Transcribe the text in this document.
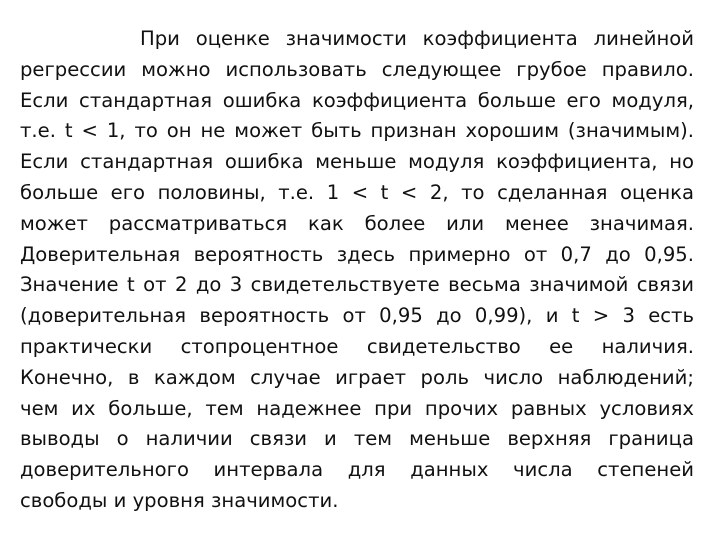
При оценке значимости коэффициента линейной
регрессии можно использовать следующее грубое правило.
Если стандартная ошибка коэффициента больше его модуля,
т.е. t < 1, то он не может быть признан хорошим (значимым).
Если стандартная ошибка меньше модуля коэффициента, но
больше его половины, т.е. 1 < t < 2, то сделанная оценка
может рассматриваться как более или менее значимая.
Доверительная вероятность здесь примерно от 0,7 до 0,95.
Значение t от 2 до 3 свидетельствуете весьма значимой связи
(доверительная вероятность от 0,95 до 0,99), и t > 3 есть
практически стопроцентное свидетельство ее наличия.
Конечно, в каждом случае играет роль число наблюдений;
чем их больше, тем надежнее при прочих равных условиях
выводы о наличии связи и тем меньше верхняя граница
доверительного интервала для данных числа степеней
свободы и уровня значимости.
